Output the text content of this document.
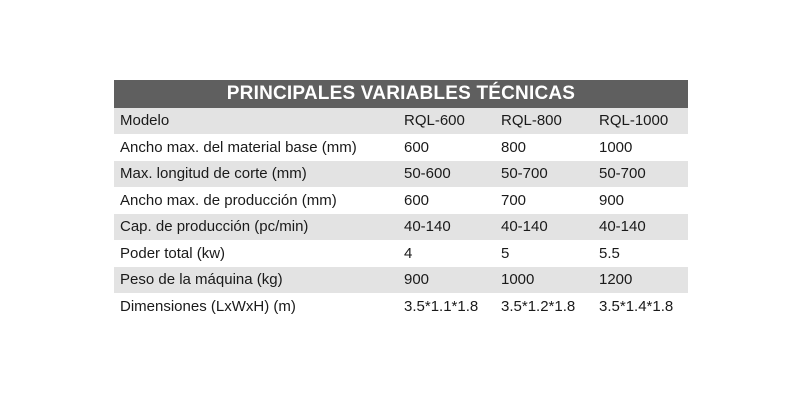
PRINCIPALES VARIABLES TÉCNICAS
Modelo	RQL-600	RQL-800	RQL-1000
Ancho max. del material base (mm)	600	800	1000
Max. longitud de corte (mm)	50-600	50-700	50-700
Ancho max. de producción (mm)	600	700	900
Cap. de producción (pc/min)	40-140	40-140	40-140
Poder total (kw)	4	5	5.5
Peso de la máquina (kg)	900	1000	1200
Dimensiones (LxWxH) (m)	3.5*1.1*1.8	3.5*1.2*1.8	3.5*1.4*1.8
